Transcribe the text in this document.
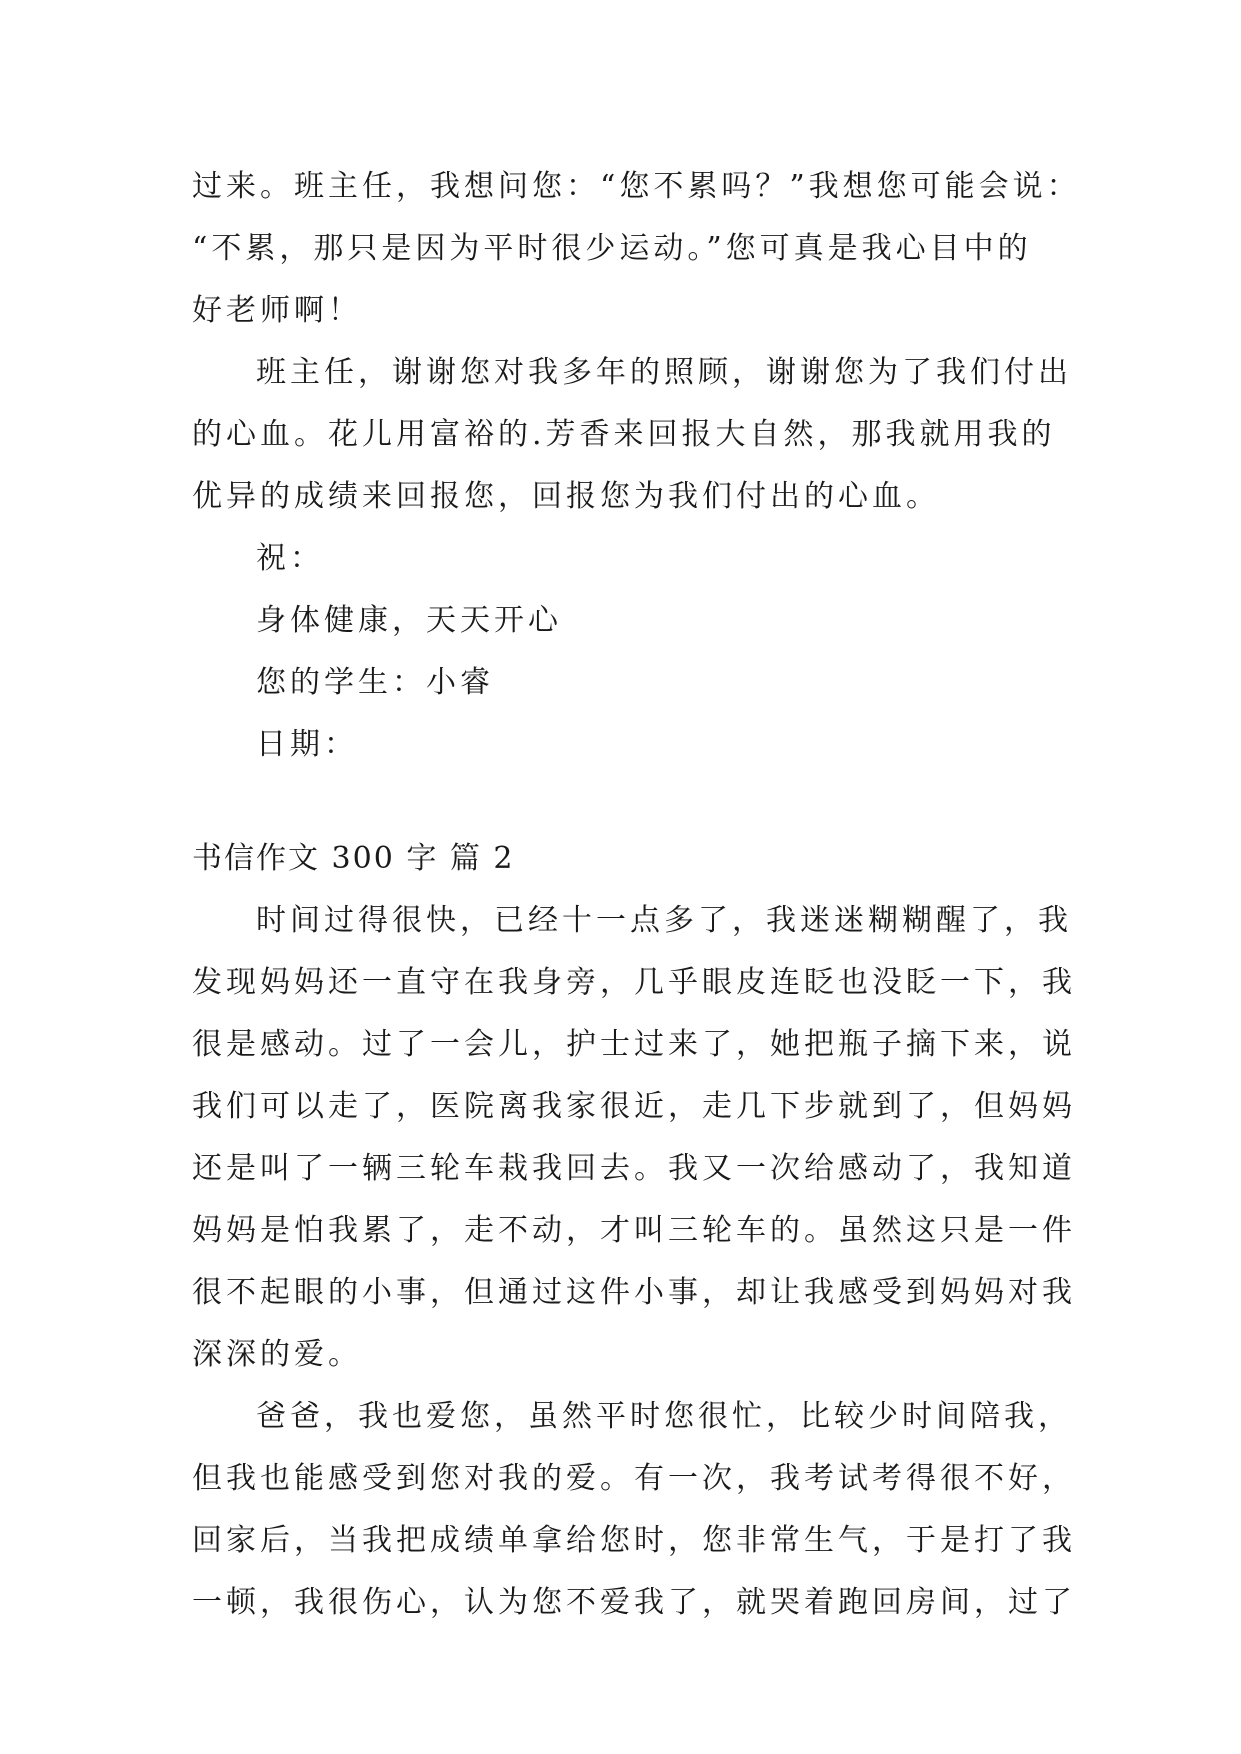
过来。班主任，我想问您：“您不累吗？”我想您可能会说：
“不累，那只是因为平时很少运动。”您可真是我心目中的
好老师啊！
班主任，谢谢您对我多年的照顾，谢谢您为了我们付出
的心血。花儿用富裕的.芳香来回报大自然，那我就用我的
优异的成绩来回报您，回报您为我们付出的心血。
祝：
身体健康，天天开心
您的学生：小睿
日期：
书信作文 300 字 篇 2
时间过得很快，已经十一点多了，我迷迷糊糊醒了，我
发现妈妈还一直守在我身旁，几乎眼皮连眨也没眨一下，我
很是感动。过了一会儿，护士过来了，她把瓶子摘下来，说
我们可以走了，医院离我家很近，走几下步就到了，但妈妈
还是叫了一辆三轮车栽我回去。我又一次给感动了，我知道
妈妈是怕我累了，走不动，才叫三轮车的。虽然这只是一件
很不起眼的小事，但通过这件小事，却让我感受到妈妈对我
深深的爱。
爸爸，我也爱您，虽然平时您很忙，比较少时间陪我，
但我也能感受到您对我的爱。有一次，我考试考得很不好，
回家后，当我把成绩单拿给您时，您非常生气，于是打了我
一顿，我很伤心，认为您不爱我了，就哭着跑回房间，过了
